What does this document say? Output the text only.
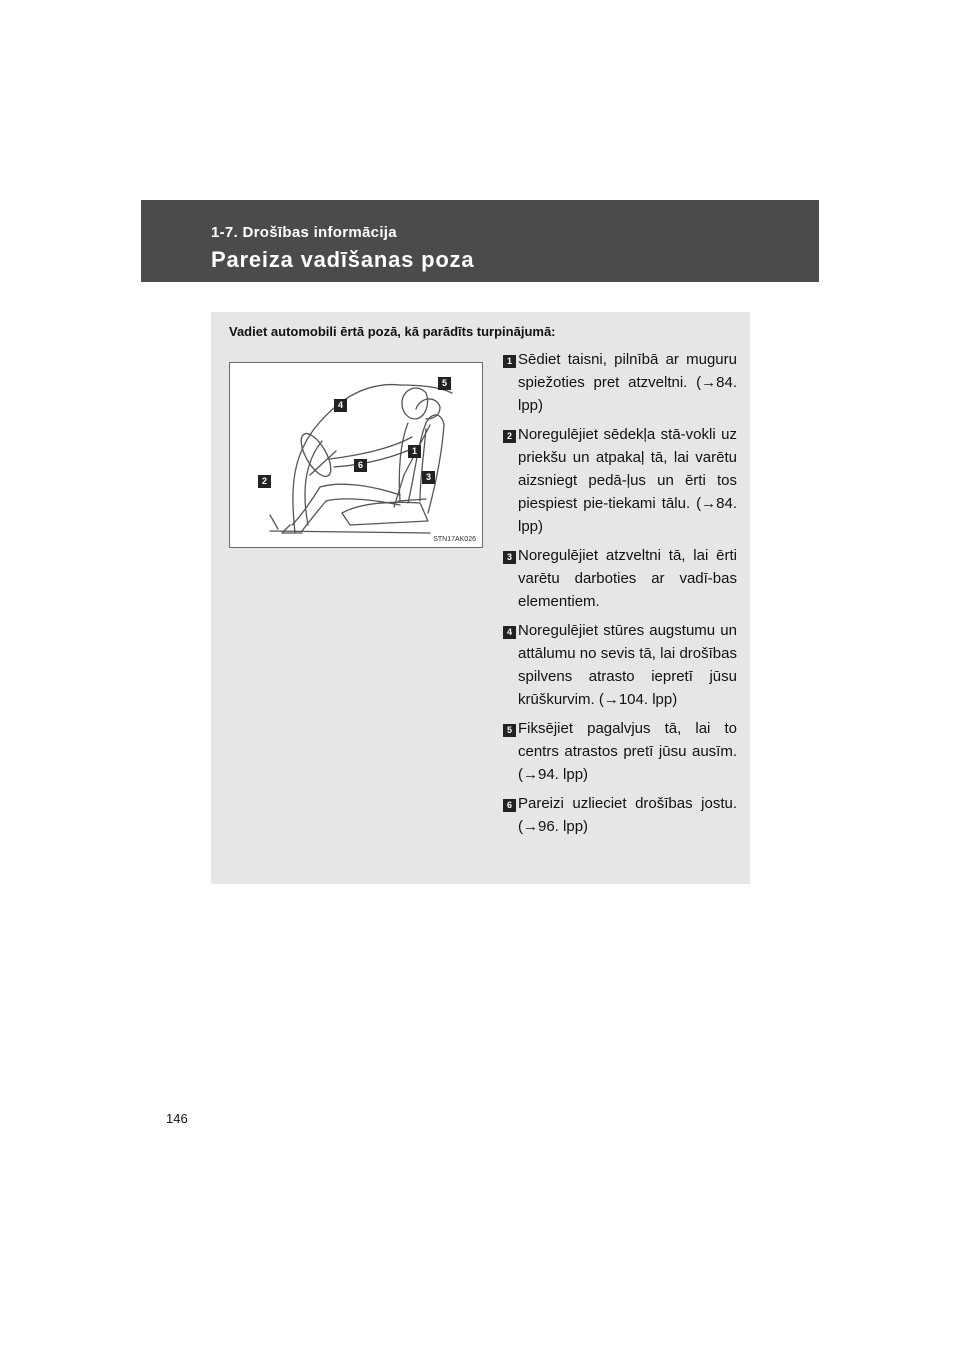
1-7. Drošības informācija
Pareiza vadīšanas poza
Vadiet automobili ērtā pozā, kā parādīts turpinājumā:
5
4
1
6
3
2
STN17AK026
1 Sēdiet taisni, pilnībā ar muguru spiežoties pret atzveltni. (→84. lpp)
2 Noregulējiet sēdekļa stā-vokli uz priekšu un atpakaļ tā, lai varētu aizsniegt pedā-ļus un ērti tos piespiest pie-tiekami tālu. (→84. lpp)
3 Noregulējiet atzveltni tā, lai ērti varētu darboties ar vadī-bas elementiem.
4 Noregulējiet stūres augstumu un attālumu no sevis tā, lai drošības spilvens atrasto iepretī jūsu krūškurvim. (→104. lpp)
5 Fiksējiet pagalvjus tā, lai to centrs atrastos pretī jūsu ausīm. (→94. lpp)
6 Pareizi uzlieciet drošības jostu. (→96. lpp)
146
